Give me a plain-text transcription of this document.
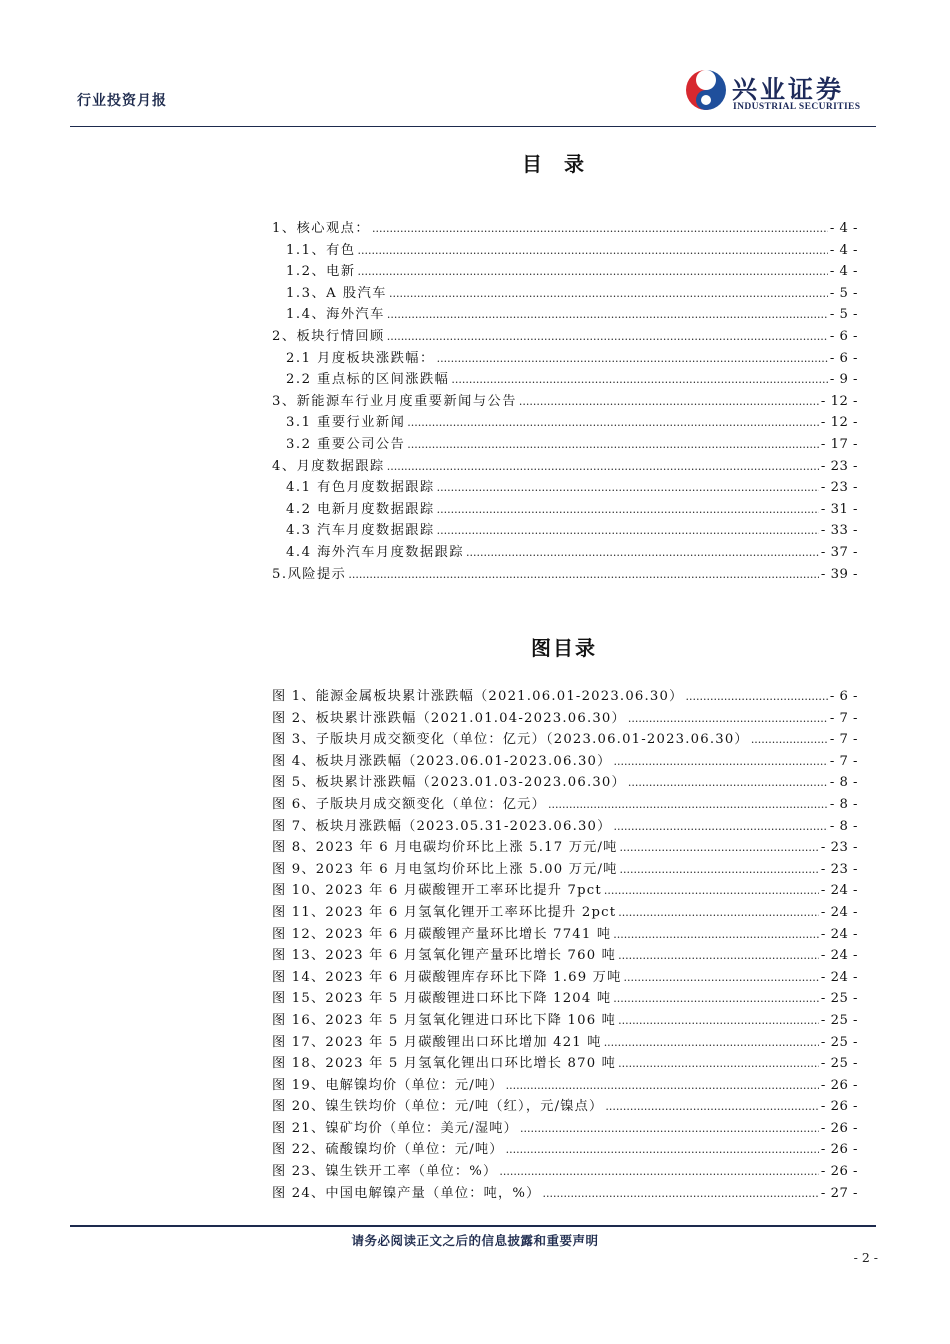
行业投资月报	兴业证券
INDUSTRIAL SECURITIES
目录
1、核心观点： .....	- 4 -
1.1、有色 .....	- 4 -
1.2、电新 .....	- 4 -
1.3、A 股汽车 .....	- 5 -
1.4、海外汽车 .....	- 5 -
2、板块行情回顾 .....	- 6 -
2.1 月度板块涨跌幅： .....	- 6 -
2.2 重点标的区间涨跌幅 .....	- 9 -
3、新能源车行业月度重要新闻与公告 .....	- 12 -
3.1 重要行业新闻 .....	- 12 -
3.2 重要公司公告 .....	- 17 -
4、月度数据跟踪 .....	- 23 -
4.1 有色月度数据跟踪 .....	- 23 -
4.2 电新月度数据跟踪 .....	- 31 -
4.3 汽车月度数据跟踪 .....	- 33 -
4.4 海外汽车月度数据跟踪 .....	- 37 -
5.风险提示 .....	- 39 -
图目录
图 1、能源金属板块累计涨跌幅（2021.06.01-2023.06.30） .....	- 6 -
图 2、板块累计涨跌幅（2021.01.04-2023.06.30） .....	- 7 -
图 3、子版块月成交额变化（单位：亿元）（2023.06.01-2023.06.30） .....	- 7 -
图 4、板块月涨跌幅（2023.06.01-2023.06.30） .....	- 7 -
图 5、板块累计涨跌幅（2023.01.03-2023.06.30） .....	- 8 -
图 6、子版块月成交额变化（单位：亿元） .....	- 8 -
图 7、板块月涨跌幅（2023.05.31-2023.06.30） .....	- 8 -
图 8、2023 年 6 月电碳均价环比上涨 5.17 万元/吨 .....	- 23 -
图 9、2023 年 6 月电氢均价环比上涨 5.00 万元/吨 .....	- 23 -
图 10、2023 年 6 月碳酸锂开工率环比提升 7pct .....	- 24 -
图 11、2023 年 6 月氢氧化锂开工率环比提升 2pct .....	- 24 -
图 12、2023 年 6 月碳酸锂产量环比增长 7741 吨 .....	- 24 -
图 13、2023 年 6 月氢氧化锂产量环比增长 760 吨 .....	- 24 -
图 14、2023 年 6 月碳酸锂库存环比下降 1.69 万吨 .....	- 24 -
图 15、2023 年 5 月碳酸锂进口环比下降 1204 吨 .....	- 25 -
图 16、2023 年 5 月氢氧化锂进口环比下降 106 吨 .....	- 25 -
图 17、2023 年 5 月碳酸锂出口环比增加 421 吨 .....	- 25 -
图 18、2023 年 5 月氢氧化锂出口环比增长 870 吨 .....	- 25 -
图 19、电解镍均价（单位：元/吨） .....	- 26 -
图 20、镍生铁均价（单位：元/吨（红），元/镍点） .....	- 26 -
图 21、镍矿均价（单位：美元/湿吨） .....	- 26 -
图 22、硫酸镍均价（单位：元/吨） .....	- 26 -
图 23、镍生铁开工率（单位：%） .....	- 26 -
图 24、中国电解镍产量（单位：吨，%） .....	- 27 -
请务必阅读正文之后的信息披露和重要声明
- 2 -
